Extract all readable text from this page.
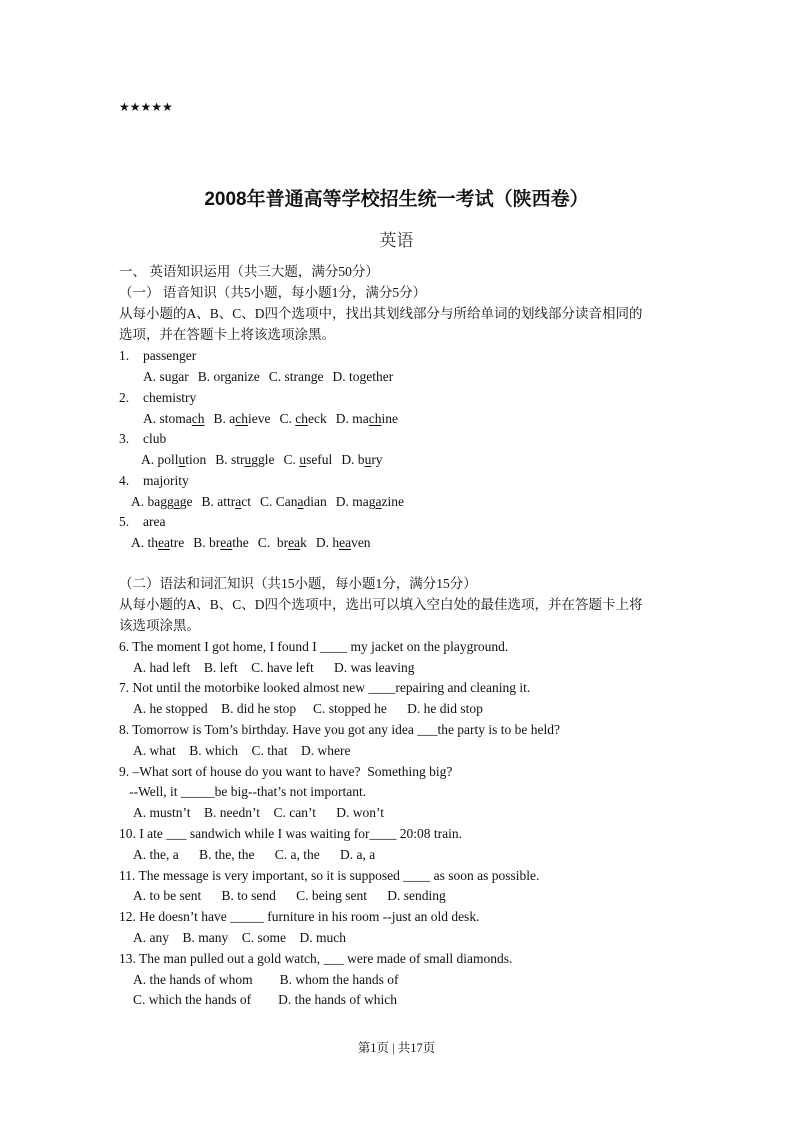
★★★★★
2008年普通高等学校招生统一考试（陕西卷）
英语
一、 英语知识运用（共三大题，满分50分）
（一） 语音知识（共5小题，每小题1分，满分5分）
从每小题的A、B、C、D四个选项中，找出其划线部分与所给单词的划线部分读音相同的
选项，并在答题卡上将该选项涂黑。
1. passenger
A. sugar B. organize C. strange D. together
2. chemistry
A. stomach B. achieve C. check D. machine
3. club
A. pollution B. struggle C. useful D. bury
4. majority
A. baggage B. attract C. Canadian D. magazine
5. area
A. theatre B. breathe C.  break D. heaven
（二）语法和词汇知识（共15小题，每小题1分，满分15分）
从每小题的A、B、C、D四个选项中，选出可以填入空白处的最佳选项，并在答题卡上将
该选项涂黑。
6. The moment I got home, I found I ____ my jacket on the playground.
A. had left    B. left    C. have left      D. was leaving
7. Not until the motorbike looked almost new ____repairing and cleaning it.
A. he stopped    B. did he stop     C. stopped he      D. he did stop
8. Tomorrow is Tom’s birthday. Have you got any idea ___the party is to be held?
A. what    B. which    C. that    D. where
9. –What sort of house do you want to have?  Something big?
--Well, it _____be big--that’s not important.
A. mustn’t    B. needn’t    C. can’t      D. won’t
10. I ate ___ sandwich while I was waiting for____ 20:08 train.
A. the, a      B. the, the      C. a, the      D. a, a
11. The message is very important, so it is supposed ____ as soon as possible.
A. to be sent      B. to send      C. being sent      D. sending
12. He doesn’t have _____ furniture in his room --just an old desk.
A. any    B. many    C. some    D. much
13. The man pulled out a gold watch, ___ were made of small diamonds.
A. the hands of whom        B. whom the hands of
C. which the hands of        D. the hands of which
第1页 | 共17页
